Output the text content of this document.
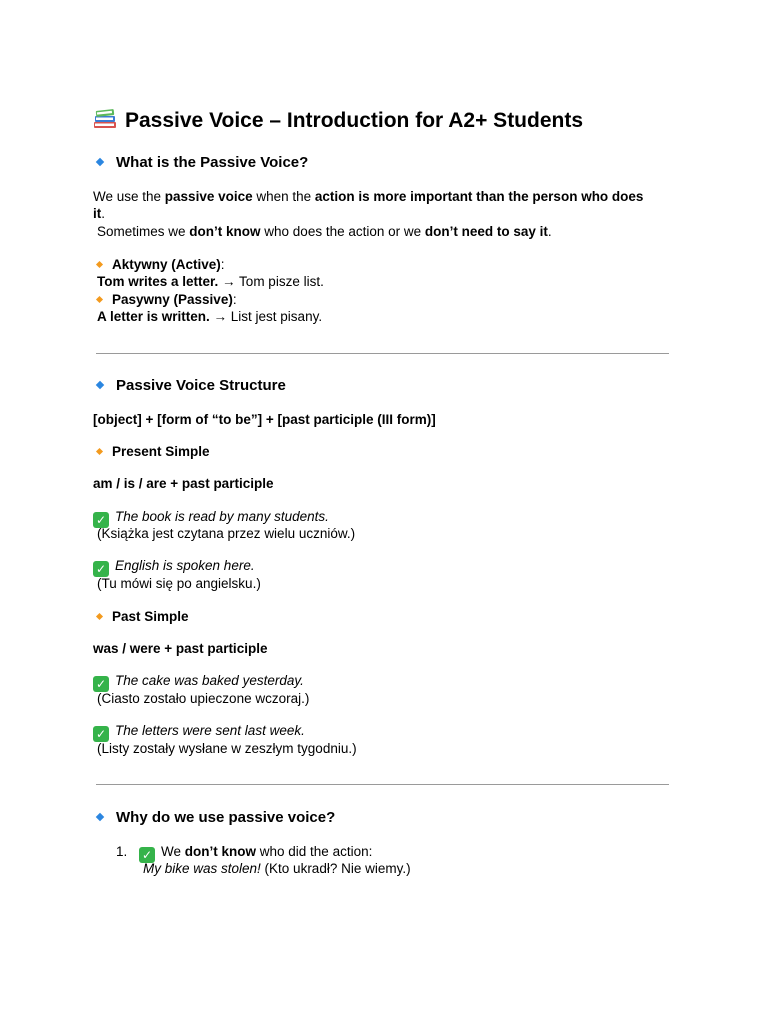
Passive Voice – Introduction for A2+ Students
What is the Passive Voice?
We use the passive voice when the action is more important than the person who does
it.
Sometimes we don’t know who does the action or we don’t need to say it.
Aktywny (Active):
Tom writes a letter. → Tom pisze list.
Pasywny (Passive):
A letter is written. → List jest pisany.
Passive Voice Structure
[object] + [form of “to be”] + [past participle (III form)]
Present Simple
am / is / are + past participle
✓ The book is read by many students.
(Książka jest czytana przez wielu uczniów.)
✓ English is spoken here.
(Tu mówi się po angielsku.)
Past Simple
was / were + past participle
✓ The cake was baked yesterday.
(Ciasto zostało upieczone wczoraj.)
✓ The letters were sent last week.
(Listy zostały wysłane w zeszłym tygodniu.)
Why do we use passive voice?
1. ✓ We don’t know who did the action:
My bike was stolen! (Kto ukradł? Nie wiemy.)
